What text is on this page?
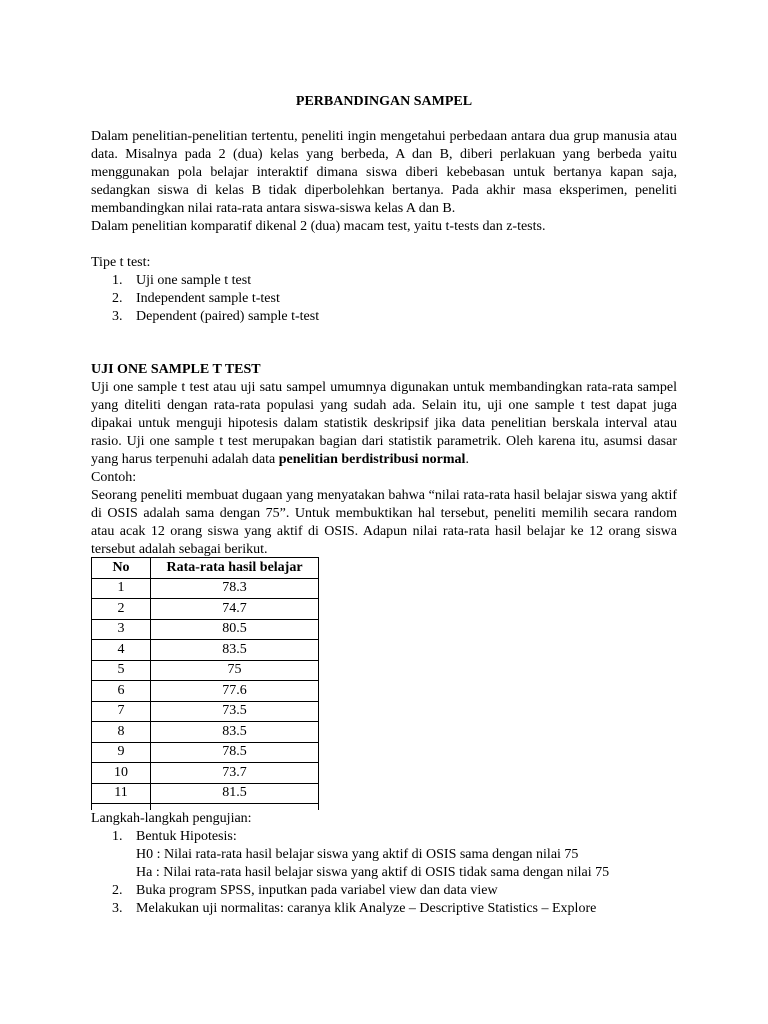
PERBANDINGAN SAMPEL

Dalam penelitian-penelitian tertentu, peneliti ingin mengetahui perbedaan antara dua grup manusia atau data. Misalnya pada 2 (dua) kelas yang berbeda, A dan B, diberi perlakuan yang berbeda yaitu menggunakan pola belajar interaktif dimana siswa diberi kebebasan untuk bertanya kapan saja, sedangkan siswa di kelas B tidak diperbolehkan bertanya. Pada akhir masa eksperimen, peneliti membandingkan nilai rata-rata antara siswa-siswa kelas A dan B.

Dalam penelitian komparatif dikenal 2 (dua) macam test, yaitu t-tests dan z-tests.

Tipe t test:

1. Uji one sample t test
2. Independent sample t-test
3. Dependent (paired) sample t-test

UJI ONE SAMPLE T TEST

Uji one sample t test atau uji satu sampel umumnya digunakan untuk membandingkan rata-rata sampel yang diteliti dengan rata-rata populasi yang sudah ada. Selain itu, uji one sample t test dapat juga dipakai untuk menguji hipotesis dalam statistik deskripsif jika data penelitian berskala interval atau rasio. Uji one sample t test merupakan bagian dari statistik parametrik. Oleh karena itu, asumsi dasar yang harus terpenuhi adalah data penelitian berdistribusi normal.

Contoh:

Seorang peneliti membuat dugaan yang menyatakan bahwa “nilai rata-rata hasil belajar siswa yang aktif di OSIS adalah sama dengan 75”. Untuk membuktikan hal tersebut, peneliti memilih secara random atau acak 12 orang siswa yang aktif di OSIS. Adapun nilai rata-rata hasil belajar ke 12 orang siswa tersebut adalah sebagai berikut.

No	Rata-rata hasil belajar
1	78.3
2	74.7
3	80.5
4	83.5
5	75
6	77.6
7	73.5
8	83.5
9	78.5
10	73.7
11	81.5

Langkah-langkah pengujian:

1. Bentuk Hipotesis:

H0 : Nilai rata-rata hasil belajar siswa yang aktif di OSIS sama dengan nilai 75

Ha : Nilai rata-rata hasil belajar siswa yang aktif di OSIS tidak sama dengan nilai 75

2. Buka program SPSS, inputkan pada variabel view dan data view
3. Melakukan uji normalitas: caranya klik Analyze – Descriptive Statistics – Explore
